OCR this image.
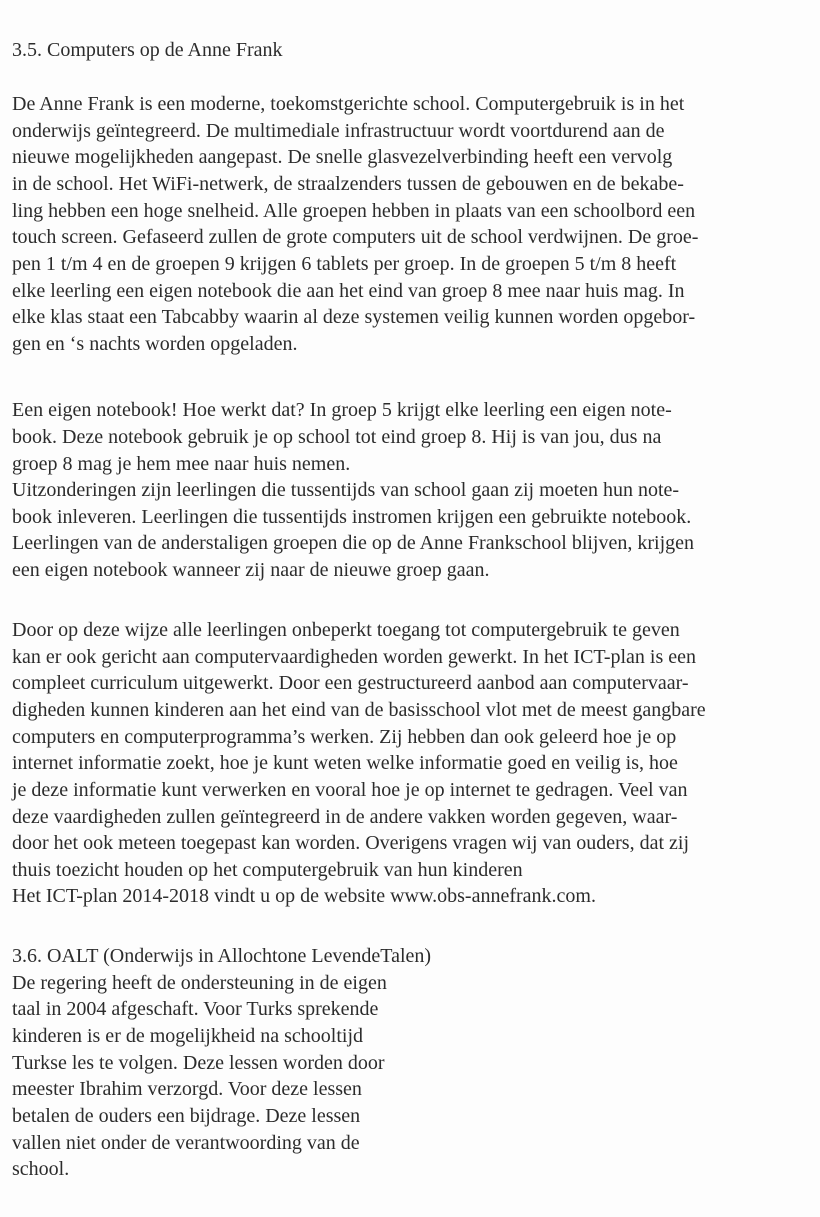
3.5. Computers op de Anne Frank
De Anne Frank is een moderne, toekomstgerichte school. Computergebruik is in het
onderwijs geïntegreerd. De multimediale infrastructuur wordt voortdurend aan de
nieuwe mogelijkheden aangepast. De snelle glasvezelverbinding heeft een vervolg
in de school. Het WiFi-netwerk, de straalzenders tussen de gebouwen en de bekabe-
ling hebben een hoge snelheid. Alle groepen hebben in plaats van een schoolbord een
touch screen. Gefaseerd zullen de grote computers uit de school verdwijnen. De groe-
pen 1 t/m 4 en de groepen 9 krijgen 6 tablets per groep. In de groepen 5 t/m 8 heeft
elke leerling een eigen notebook die aan het eind van groep 8 mee naar huis mag. In
elke klas staat een Tabcabby waarin al deze systemen veilig kunnen worden opgebor-
gen en ‘s nachts worden opgeladen.
Een eigen notebook! Hoe werkt dat? In groep 5 krijgt elke leerling een eigen note-
book. Deze notebook gebruik je op school tot eind groep 8. Hij is van jou, dus na
groep 8 mag je hem mee naar huis nemen.
Uitzonderingen zijn leerlingen die tussentijds van school gaan zij moeten hun note-
book inleveren. Leerlingen die tussentijds instromen krijgen een gebruikte notebook.
Leerlingen van de anderstaligen groepen die op de Anne Frankschool blijven, krijgen
een eigen notebook wanneer zij naar de nieuwe groep gaan.
Door op deze wijze alle leerlingen onbeperkt toegang tot computergebruik te geven
kan er ook gericht aan computervaardigheden worden gewerkt. In het ICT-plan is een
compleet curriculum uitgewerkt. Door een gestructureerd aanbod aan computervaar-
digheden kunnen kinderen aan het eind van de basisschool vlot met de meest gangbare
computers en computerprogramma’s werken. Zij hebben dan ook geleerd hoe je op
internet informatie zoekt, hoe je kunt weten welke informatie goed en veilig is, hoe
je deze informatie kunt verwerken en vooral hoe je op internet te gedragen. Veel van
deze vaardigheden zullen geïntegreerd in de andere vakken worden gegeven, waar-
door het ook meteen toegepast kan worden. Overigens vragen wij van ouders, dat zij
thuis toezicht houden op het computergebruik van hun kinderen
Het ICT-plan 2014-2018 vindt u op de website www.obs-annefrank.com.
3.6. OALT (Onderwijs in Allochtone LevendeTalen)
De regering heeft de ondersteuning in de eigen
taal in 2004 afgeschaft. Voor Turks sprekende
kinderen is er de mogelijkheid na schooltijd
Turkse les te volgen. Deze lessen worden door
meester Ibrahim verzorgd. Voor deze lessen
betalen de ouders een bijdrage. Deze lessen
vallen niet onder de verantwoording van de
school.
